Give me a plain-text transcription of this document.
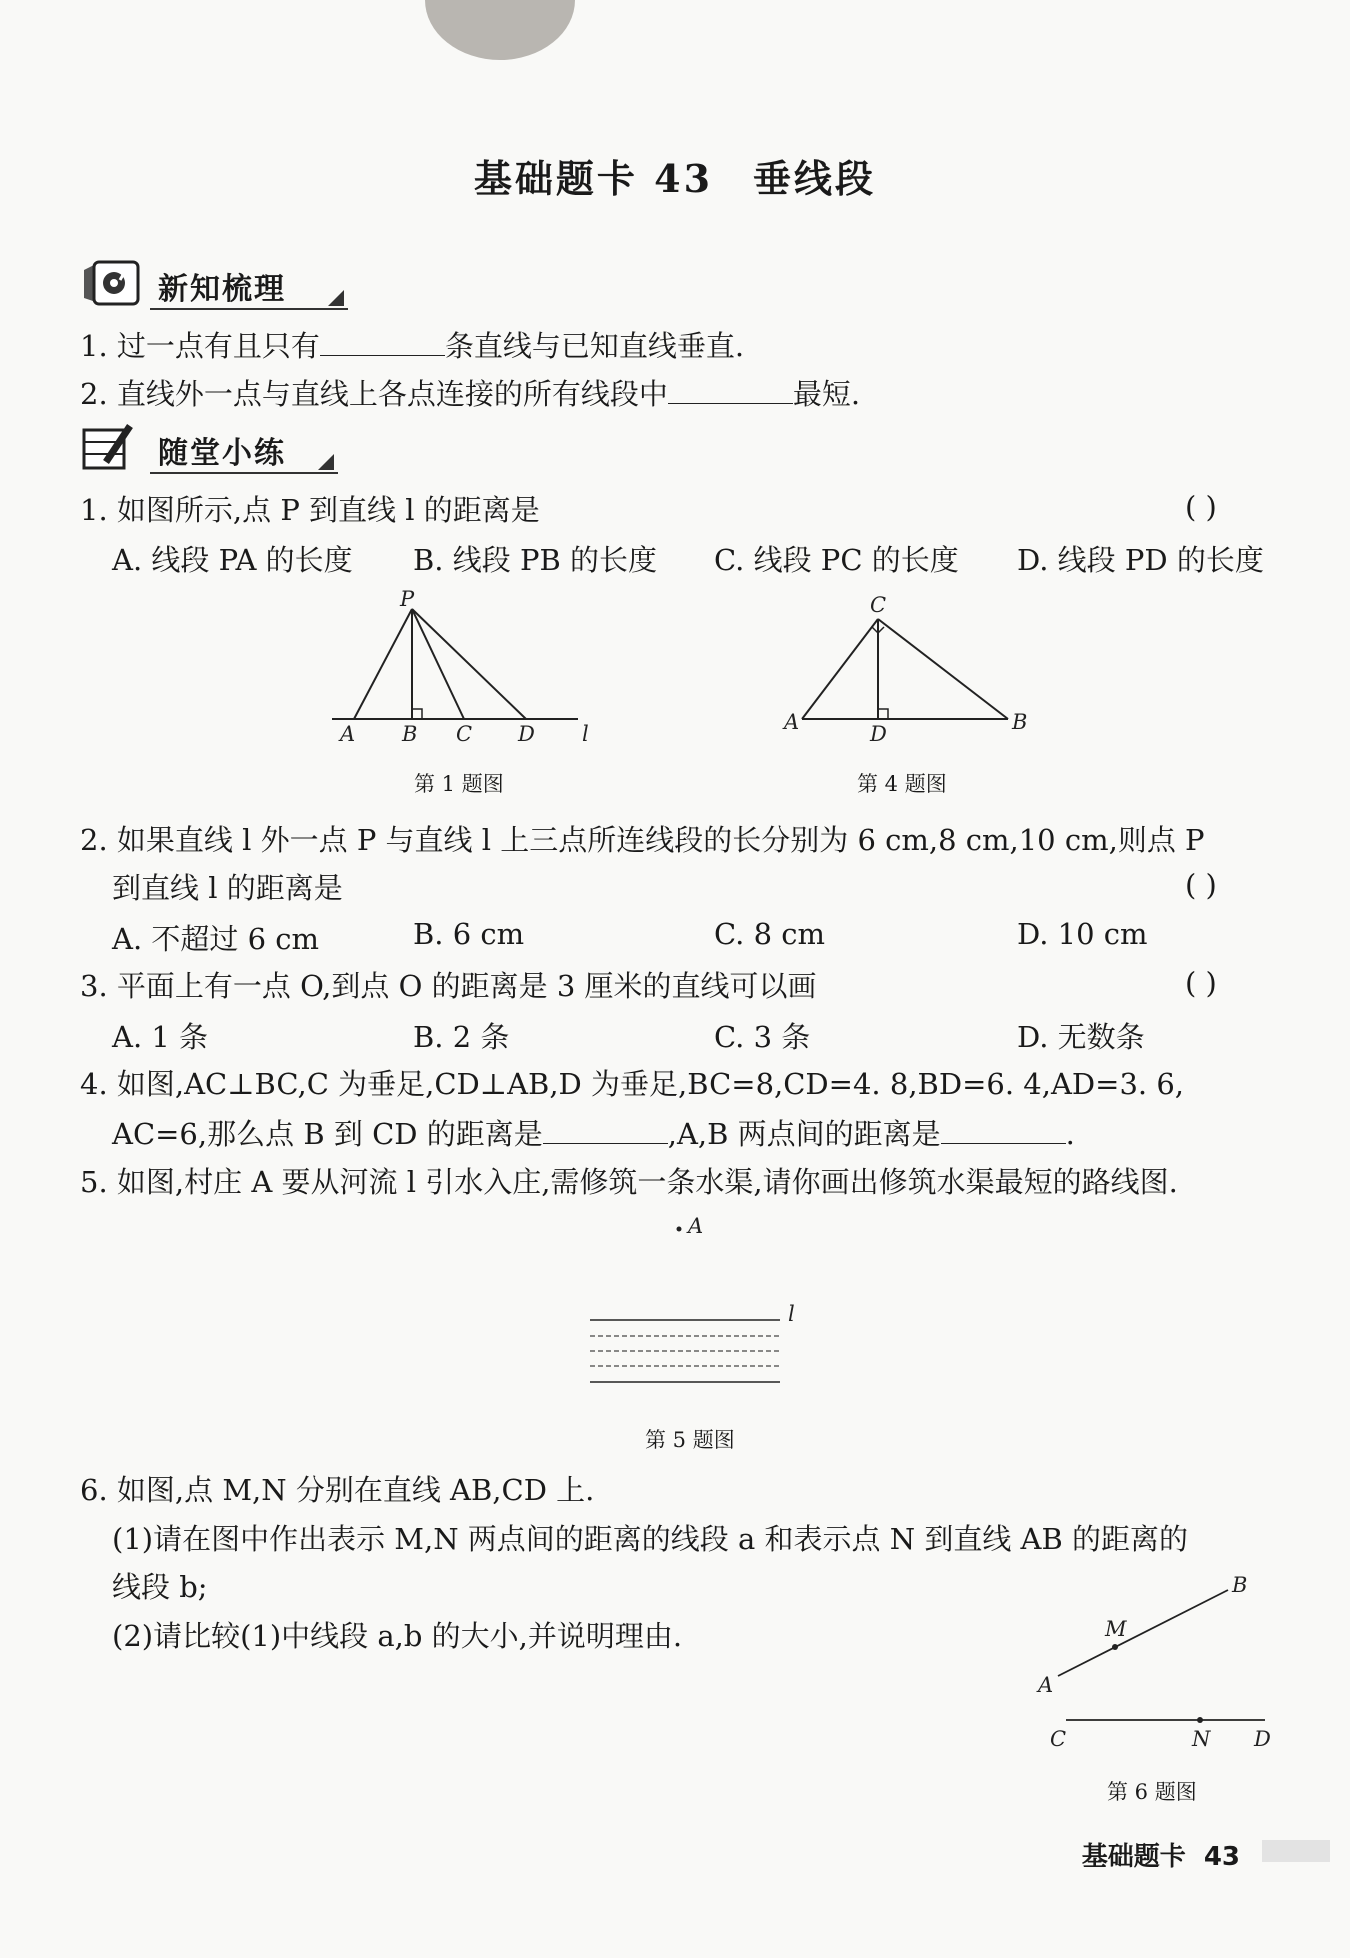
基础题卡 43 垂线段
新知梳理
1. 过一点有且只有	条直线与已知直线垂直.
2. 直线外一点与直线上各点连接的所有线段中	最短.
随堂小练
1. 如图所示,点 P 到直线 l 的距离是	( )
A. 线段 PA 的长度 B. 线段 PB 的长度 C. 线段 PC 的长度 D. 线段 PD 的长度
P
A B C D l
第 1 题图
C
A	D	B
第 4 题图
2. 如果直线 l 外一点 P 与直线 l 上三点所连线段的长分别为 6 cm,8 cm,10 cm,则点 P
到直线 l 的距离是	( )
A. 不超过 6 cm	B. 6 cm	C. 8 cm	D. 10 cm
3. 平面上有一点 O,到点 O 的距离是 3 厘米的直线可以画	( )
A. 1 条	B. 2 条	C. 3 条	D. 无数条
4. 如图,AC⊥BC,C 为垂足,CD⊥AB,D 为垂足,BC=8,CD=4. 8,BD=6. 4,AD=3. 6,
AC=6,那么点 B 到 CD 的距离是	,A,B 两点间的距离是	.
5. 如图,村庄 A 要从河流 l 引水入庄,需修筑一条水渠,请你画出修筑水渠最短的路线图.
A
l
第 5 题图
6. 如图,点 M,N 分别在直线 AB,CD 上.
(1)请在图中作出表示 M,N 两点间的距离的线段 a 和表示点 N 到直线 AB 的距离的
线段 b;
(2)请比较(1)中线段 a,b 的大小,并说明理由.
B
M
A
C	N D
第 6 题图
基础题卡 43
